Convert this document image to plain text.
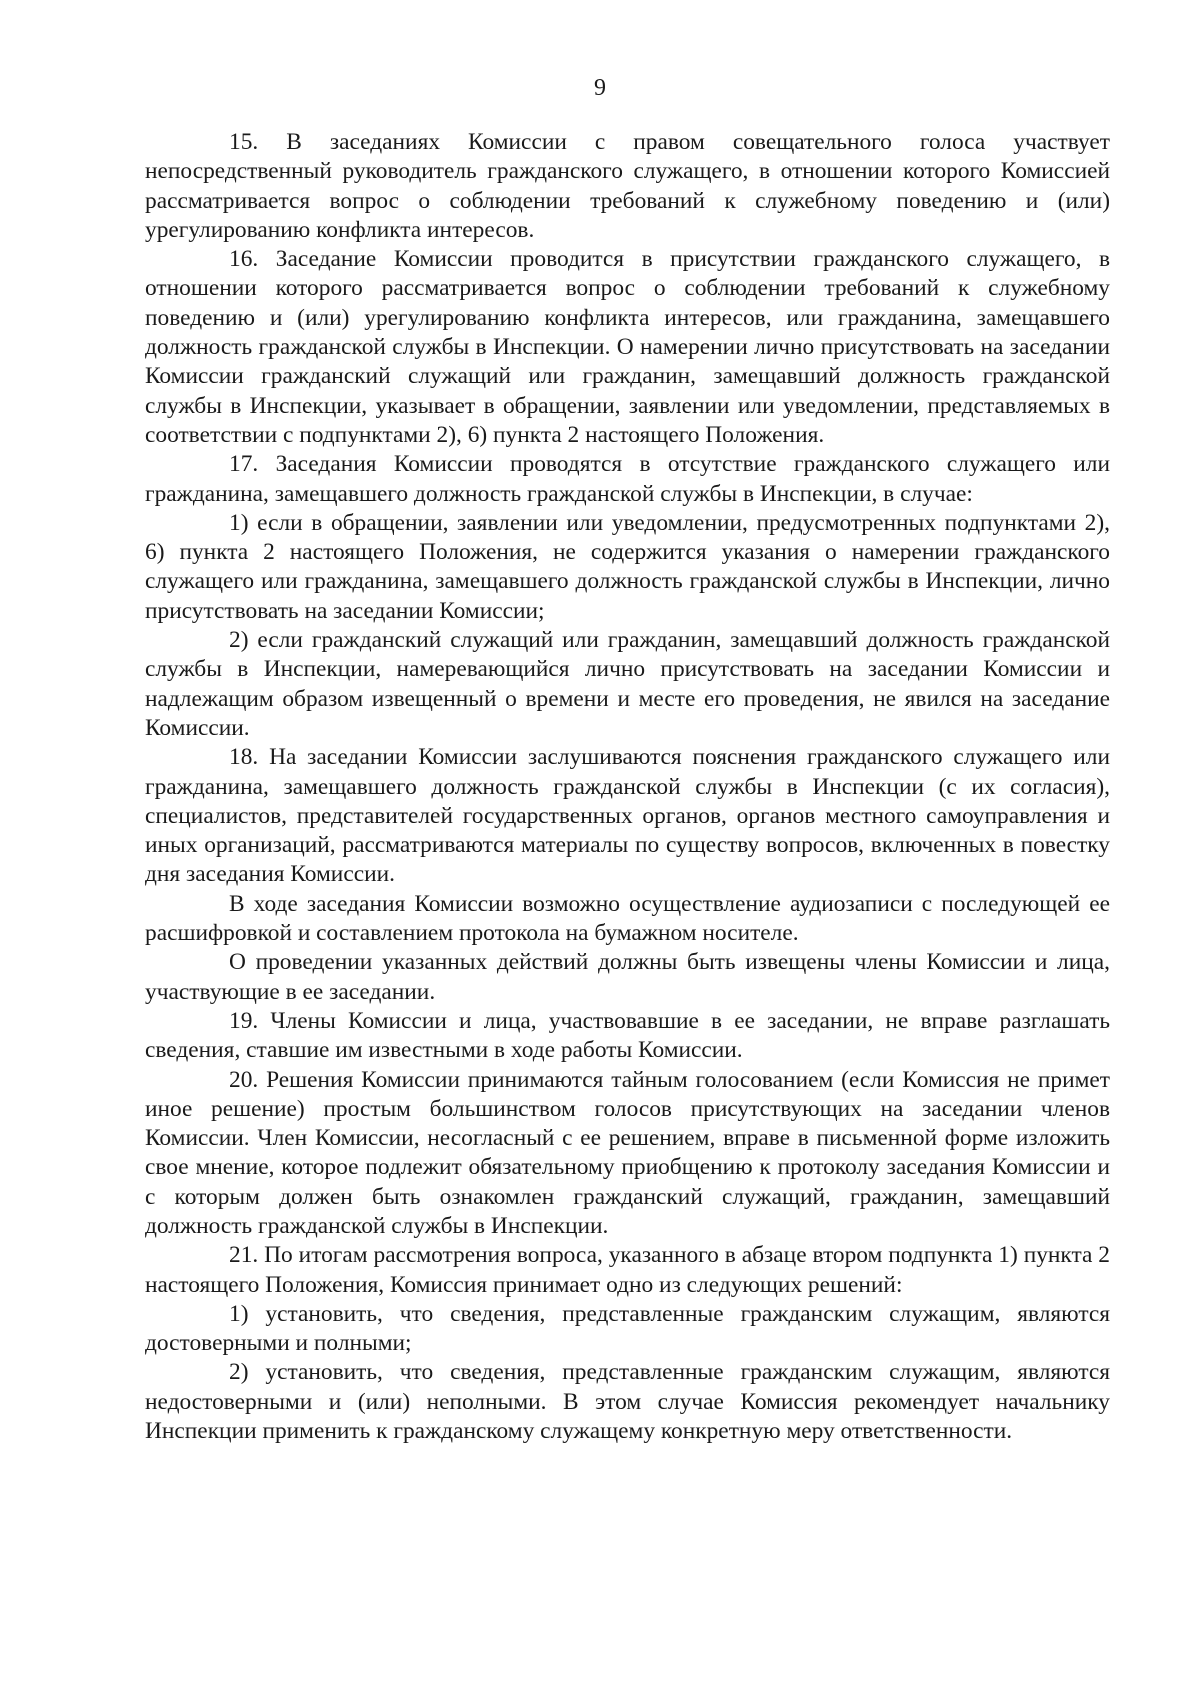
9

15. В заседаниях Комиссии с правом совещательного голоса участвует непосредственный руководитель гражданского служащего, в отношении которого Комиссией рассматривается вопрос о соблюдении требований к служебному поведению и (или) урегулированию конфликта интересов.

16. Заседание Комиссии проводится в присутствии гражданского служащего, в отношении которого рассматривается вопрос о соблюдении требований к служебному поведению и (или) урегулированию конфликта интересов, или гражданина, замещавшего должность гражданской службы в Инспекции. О намерении лично присутствовать на заседании Комиссии гражданский служащий или гражданин, замещавший должность гражданской службы в Инспекции, указывает в обращении, заявлении или уведомлении, представляемых в соответствии с подпунктами 2), 6) пункта 2 настоящего Положения.

17. Заседания Комиссии проводятся в отсутствие гражданского служащего или гражданина, замещавшего должность гражданской службы в Инспекции, в случае:

1) если в обращении, заявлении или уведомлении, предусмотренных подпунктами 2), 6) пункта 2 настоящего Положения, не содержится указания о намерении гражданского служащего или гражданина, замещавшего должность гражданской службы в Инспекции, лично присутствовать на заседании Комиссии;

2) если гражданский служащий или гражданин, замещавший должность гражданской службы в Инспекции, намеревающийся лично присутствовать на заседании Комиссии и надлежащим образом извещенный о времени и месте его проведения, не явился на заседание Комиссии.

18. На заседании Комиссии заслушиваются пояснения гражданского служащего или гражданина, замещавшего должность гражданской службы в Инспекции (с их согласия), специалистов, представителей государственных органов, органов местного самоуправления и иных организаций, рассматриваются материалы по существу вопросов, включенных в повестку дня заседания Комиссии.

В ходе заседания Комиссии возможно осуществление аудиозаписи с последующей ее расшифровкой и составлением протокола на бумажном носителе.

О проведении указанных действий должны быть извещены члены Комиссии и лица, участвующие в ее заседании.

19. Члены Комиссии и лица, участвовавшие в ее заседании, не вправе разглашать сведения, ставшие им известными в ходе работы Комиссии.

20. Решения Комиссии принимаются тайным голосованием (если Комиссия не примет иное решение) простым большинством голосов присутствующих на заседании членов Комиссии. Член Комиссии, несогласный с ее решением, вправе в письменной форме изложить свое мнение, которое подлежит обязательному приобщению к протоколу заседания Комиссии и с которым должен быть ознакомлен гражданский служащий, гражданин, замещавший должность гражданской службы в Инспекции.

21. По итогам рассмотрения вопроса, указанного в абзаце втором подпункта 1) пункта 2 настоящего Положения, Комиссия принимает одно из следующих решений:

1) установить, что сведения, представленные гражданским служащим, являются достоверными и полными;

2) установить, что сведения, представленные гражданским служащим, являются недостоверными и (или) неполными. В этом случае Комиссия рекомендует начальнику Инспекции применить к гражданскому служащему конкретную меру ответственности.
